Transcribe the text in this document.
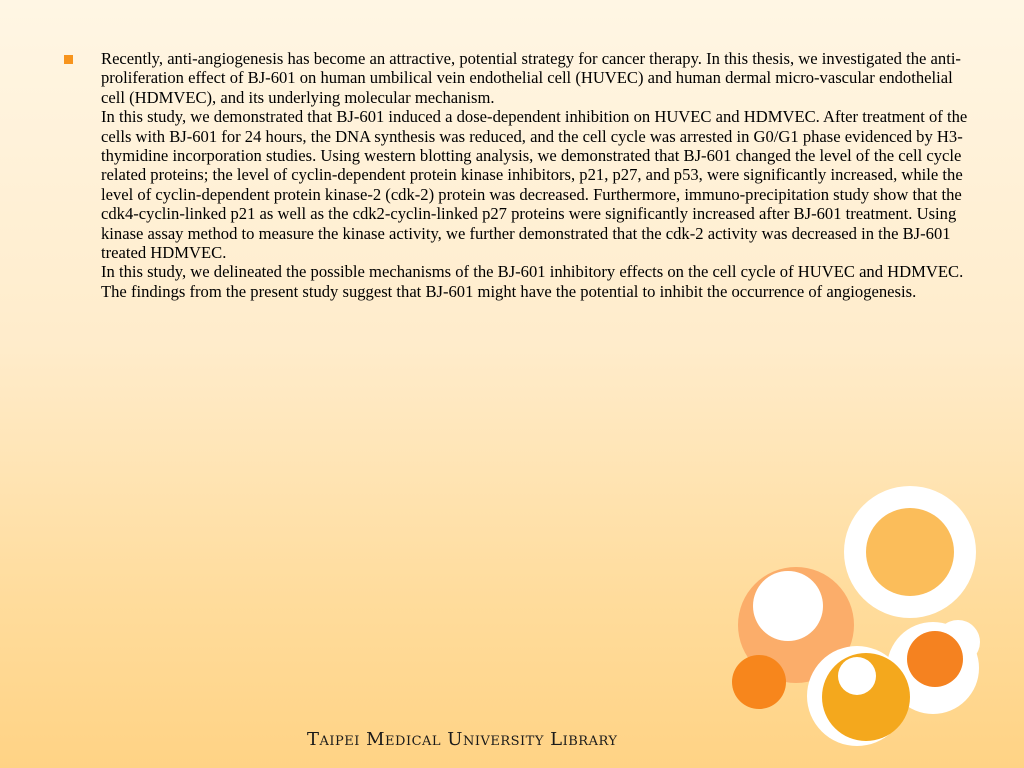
Recently, anti-angiogenesis has become an attractive, potential strategy for cancer therapy. In this thesis, we investigated the anti-proliferation effect of BJ-601 on human umbilical vein endothelial cell (HUVEC) and human dermal micro-vascular endothelial cell (HDMVEC), and its underlying molecular mechanism.

In this study, we demonstrated that BJ-601 induced a dose-dependent inhibition on HUVEC and HDMVEC. After treatment of the cells with BJ-601 for 24 hours, the DNA synthesis was reduced, and the cell cycle was arrested in G0/G1 phase evidenced by H3-thymidine incorporation studies. Using western blotting analysis, we demonstrated that BJ-601 changed the level of the cell cycle related proteins; the level of cyclin-dependent protein kinase inhibitors, p21, p27, and p53, were significantly increased, while the level of cyclin-dependent protein kinase-2 (cdk-2) protein was decreased. Furthermore, immuno-precipitation study show that the cdk4-cyclin-linked p21 as well as the cdk2-cyclin-linked p27 proteins were significantly increased after BJ-601 treatment. Using kinase assay method to measure the kinase activity, we further demonstrated that the cdk-2 activity was decreased in the BJ-601 treated HDMVEC.

In this study, we delineated the possible mechanisms of the BJ-601 inhibitory effects on the cell cycle of HUVEC and HDMVEC. The findings from the present study suggest that BJ-601 might have the potential to inhibit the occurrence of angiogenesis.

Taipei Medical University Library
